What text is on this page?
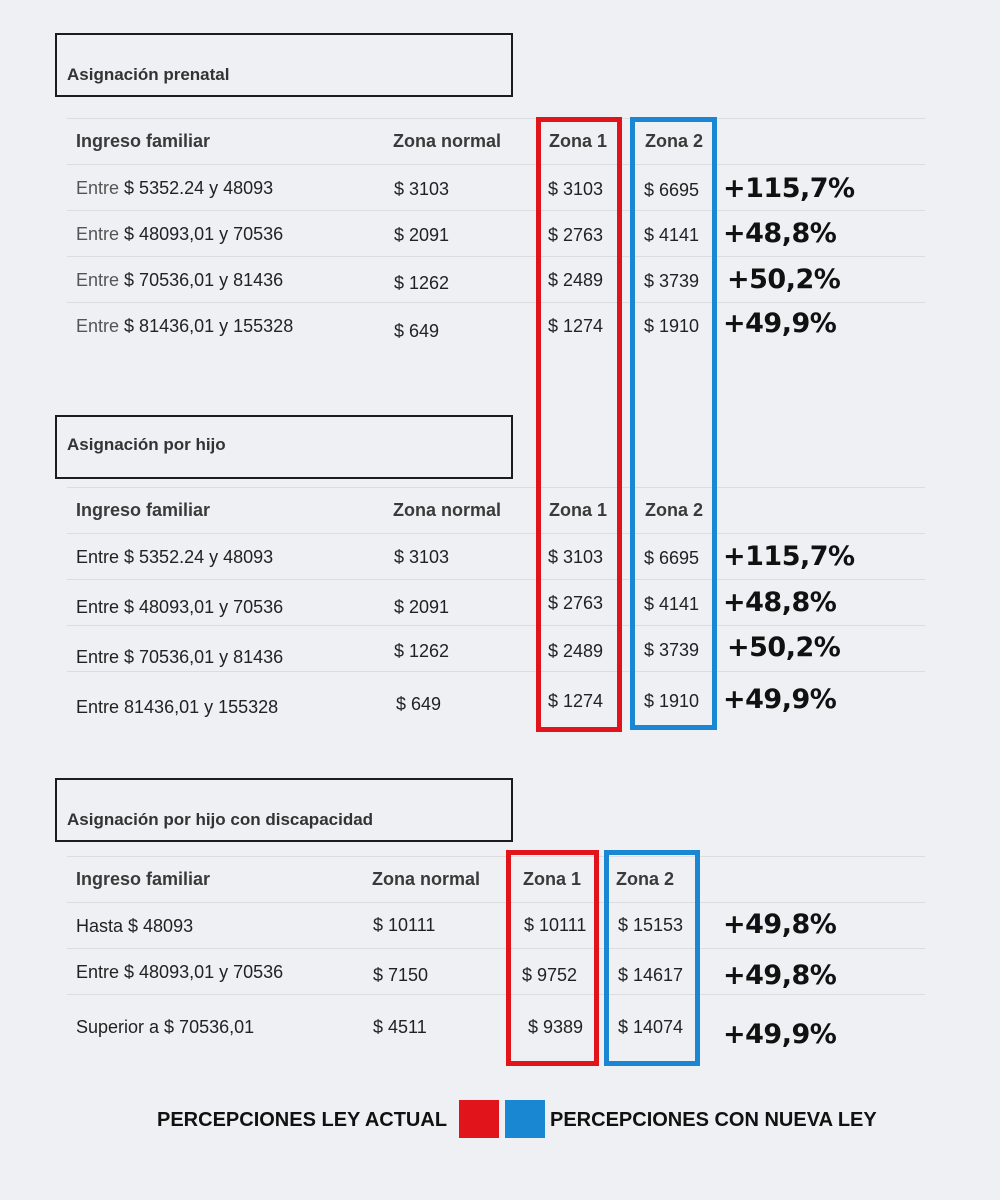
Asignación prenatal
Ingreso familiar	Zona normal	Zona 1 Zona 2
Entre $ 5352.24 y 48093	$ 3103	$ 3103 $ 6695 +115,7%
Entre $ 48093,01 y 70536	$ 2091	$ 2763 $ 4141 +48,8%
Entre $ 70536,01 y 81436	$ 1262	$ 2489 $ 3739 +50,2%
Entre $ 81436,01 y 155328	$ 649	$ 1274 $ 1910 +49,9%
Asignación por hijo
Ingreso familiar	Zona normal	Zona 1 Zona 2
Entre $ 5352.24 y 48093	$ 3103	$ 3103 $ 6695 +115,7%
Entre $ 48093,01 y 70536	$ 2091	$ 2763 $ 4141 +48,8%
Entre $ 70536,01 y 81436	$ 1262	$ 2489 $ 3739 +50,2%
Entre 81436,01 y 155328	$ 649	$ 1274 $ 1910 +49,9%
Asignación por hijo con discapacidad
Ingreso familiar	Zona normal Zona 1 Zona 2
Hasta $ 48093	$ 10111	$ 10111 $ 15153 +49,8%
Entre $ 48093,01 y 70536	$ 7150	$ 9752 $ 14617 +49,8%
Superior a $ 70536,01	$ 4511	$ 9389 $ 14074 +49,9%
PERCEPCIONES LEY ACTUAL	PERCEPCIONES CON NUEVA LEY
